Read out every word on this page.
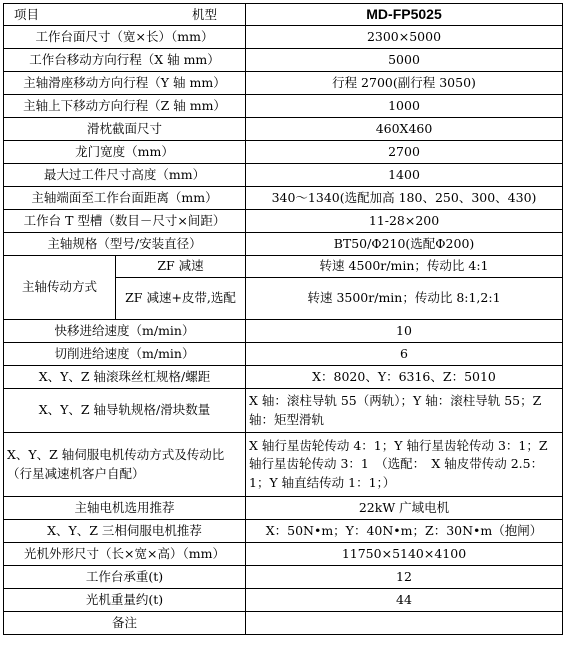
项目 机型		MD-FP5025
工作台面尺寸（宽×长）（mm）		2300×5000
工作台移动方向行程（X 轴 mm）		5000
主轴滑座移动方向行程（Y 轴 mm）		行程 2700(副行程 3050)
主轴上下移动方向行程（Z 轴 mm）		1000
滑枕截面尺寸		460X460
龙门宽度（mm）		2700
最大过工件尺寸高度（mm）		1400
主轴端面至工作台面距离（mm）		340～1340(选配加高 180、250、300、430)
工作台 T 型槽（数目－尺寸×间距）		11-28×200
主轴规格（型号/安装直径）		BT50/Φ210(选配Φ200)
主轴传动方式	ZF 减速	转速 4500r/min；传动比 4:1
	ZF 减速+皮带,选配	转速 3500r/min；传动比 8:1,2:1
快移进给速度（m/min）		10
切削进给速度（m/min）		6
X、Y、Z 轴滚珠丝杠规格/螺距		X：8020、Y：6316、Z：5010
X、Y、Z 轴导轨规格/滑块数量		X 轴：滚柱导轨 55（两轨）；Y 轴：滚柱导轨 55；Z 轴：矩型滑轨
X、Y、Z 轴伺服电机传动方式及传动比（行星减速机客户自配）		X 轴行星齿轮传动 4：1；Y 轴行星齿轮传动 3：1；Z 轴行星齿轮传动 3：1　（选配：　X 轴皮带传动 2.5：1；Y 轴直结传动 1：1；）
主轴电机选用推荐		22kW 广域电机
X、Y、Z 三相伺服电机推荐		X：50N•m；Y：40N•m；Z：30N•m（抱闸）
光机外形尺寸（长×宽×高）（mm）		11750×5140×4100
工作台承重(t)		12
光机重量约(t)		44
备注		
